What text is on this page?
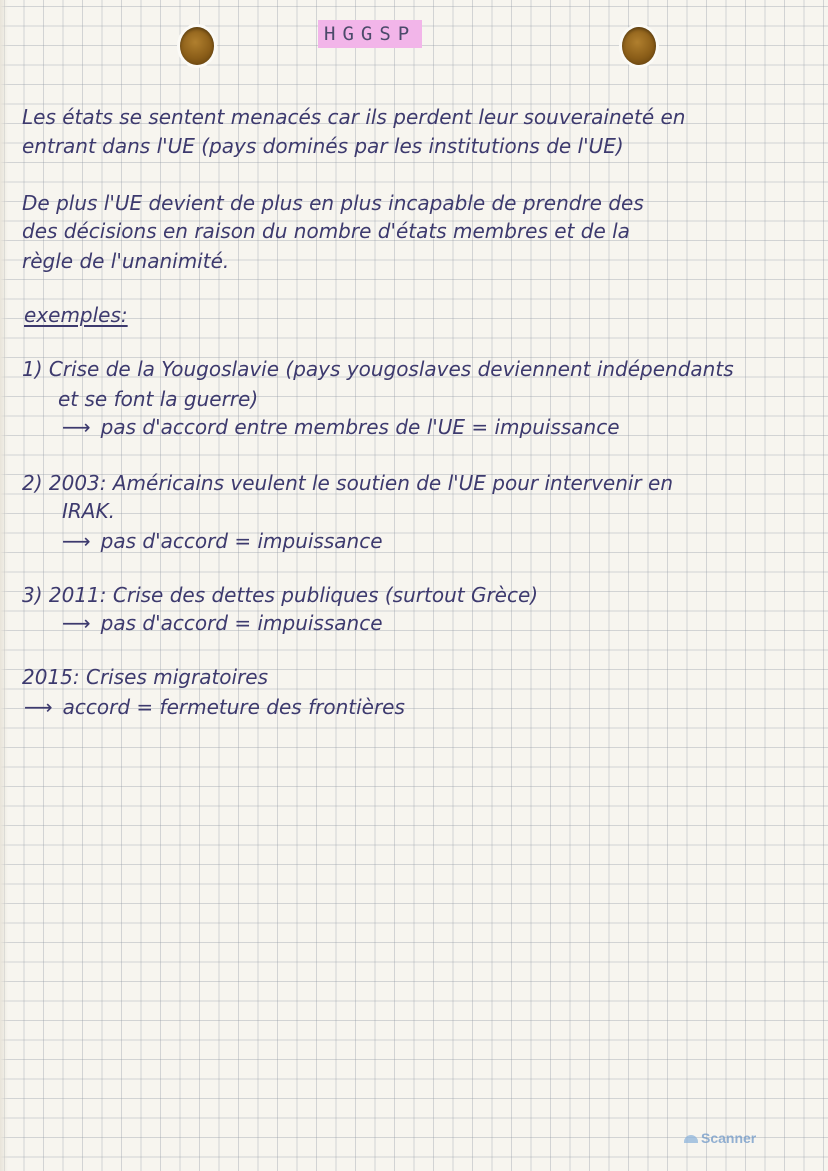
HGGSP

Les états se sentent menacés car ils perdent leur souveraineté en

entrant dans l'UE (pays dominés par les institutions de l'UE)

De plus l'UE devient de plus en plus incapable de prendre des

des décisions en raison du nombre d'états membres et de la

règle de l'unanimité.

exemples:

1) Crise de la Yougoslavie (pays yougoslaves deviennent indépendants

et se font la guerre)

⟶ pas d'accord entre membres de l'UE = impuissance

2) 2003: Américains veulent le soutien de l'UE pour intervenir en

IRAK.

⟶ pas d'accord = impuissance

3) 2011: Crise des dettes publiques (surtout Grèce)

⟶ pas d'accord = impuissance

2015: Crises migratoires

⟶ accord = fermeture des frontières

Scanner
